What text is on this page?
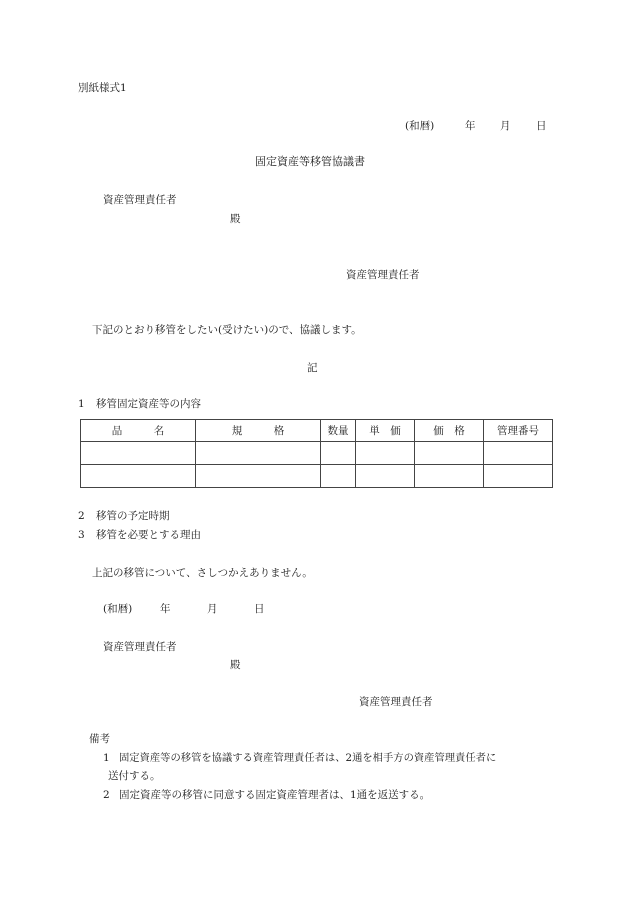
別紙様式1
(和暦)	年 月 日
固定資産等移管協議書
資産管理責任者
殿
資産管理責任者
下記のとおり移管をしたい(受けたい)ので、協議します。
記
1 移管固定資産等の内容
品　　　名	規　　　格	数量	単　価	価　格	管理番号

2 移管の予定時期
3 移管を必要とする理由
上記の移管について、さしつかえありません。
(和暦)	年	月	日
資産管理責任者
殿
資産管理責任者
備考
1 固定資産等の移管を協議する資産管理責任者は、2通を相手方の資産管理責任者に
送付する。
2 固定資産等の移管に同意する固定資産管理者は、1通を返送する。
